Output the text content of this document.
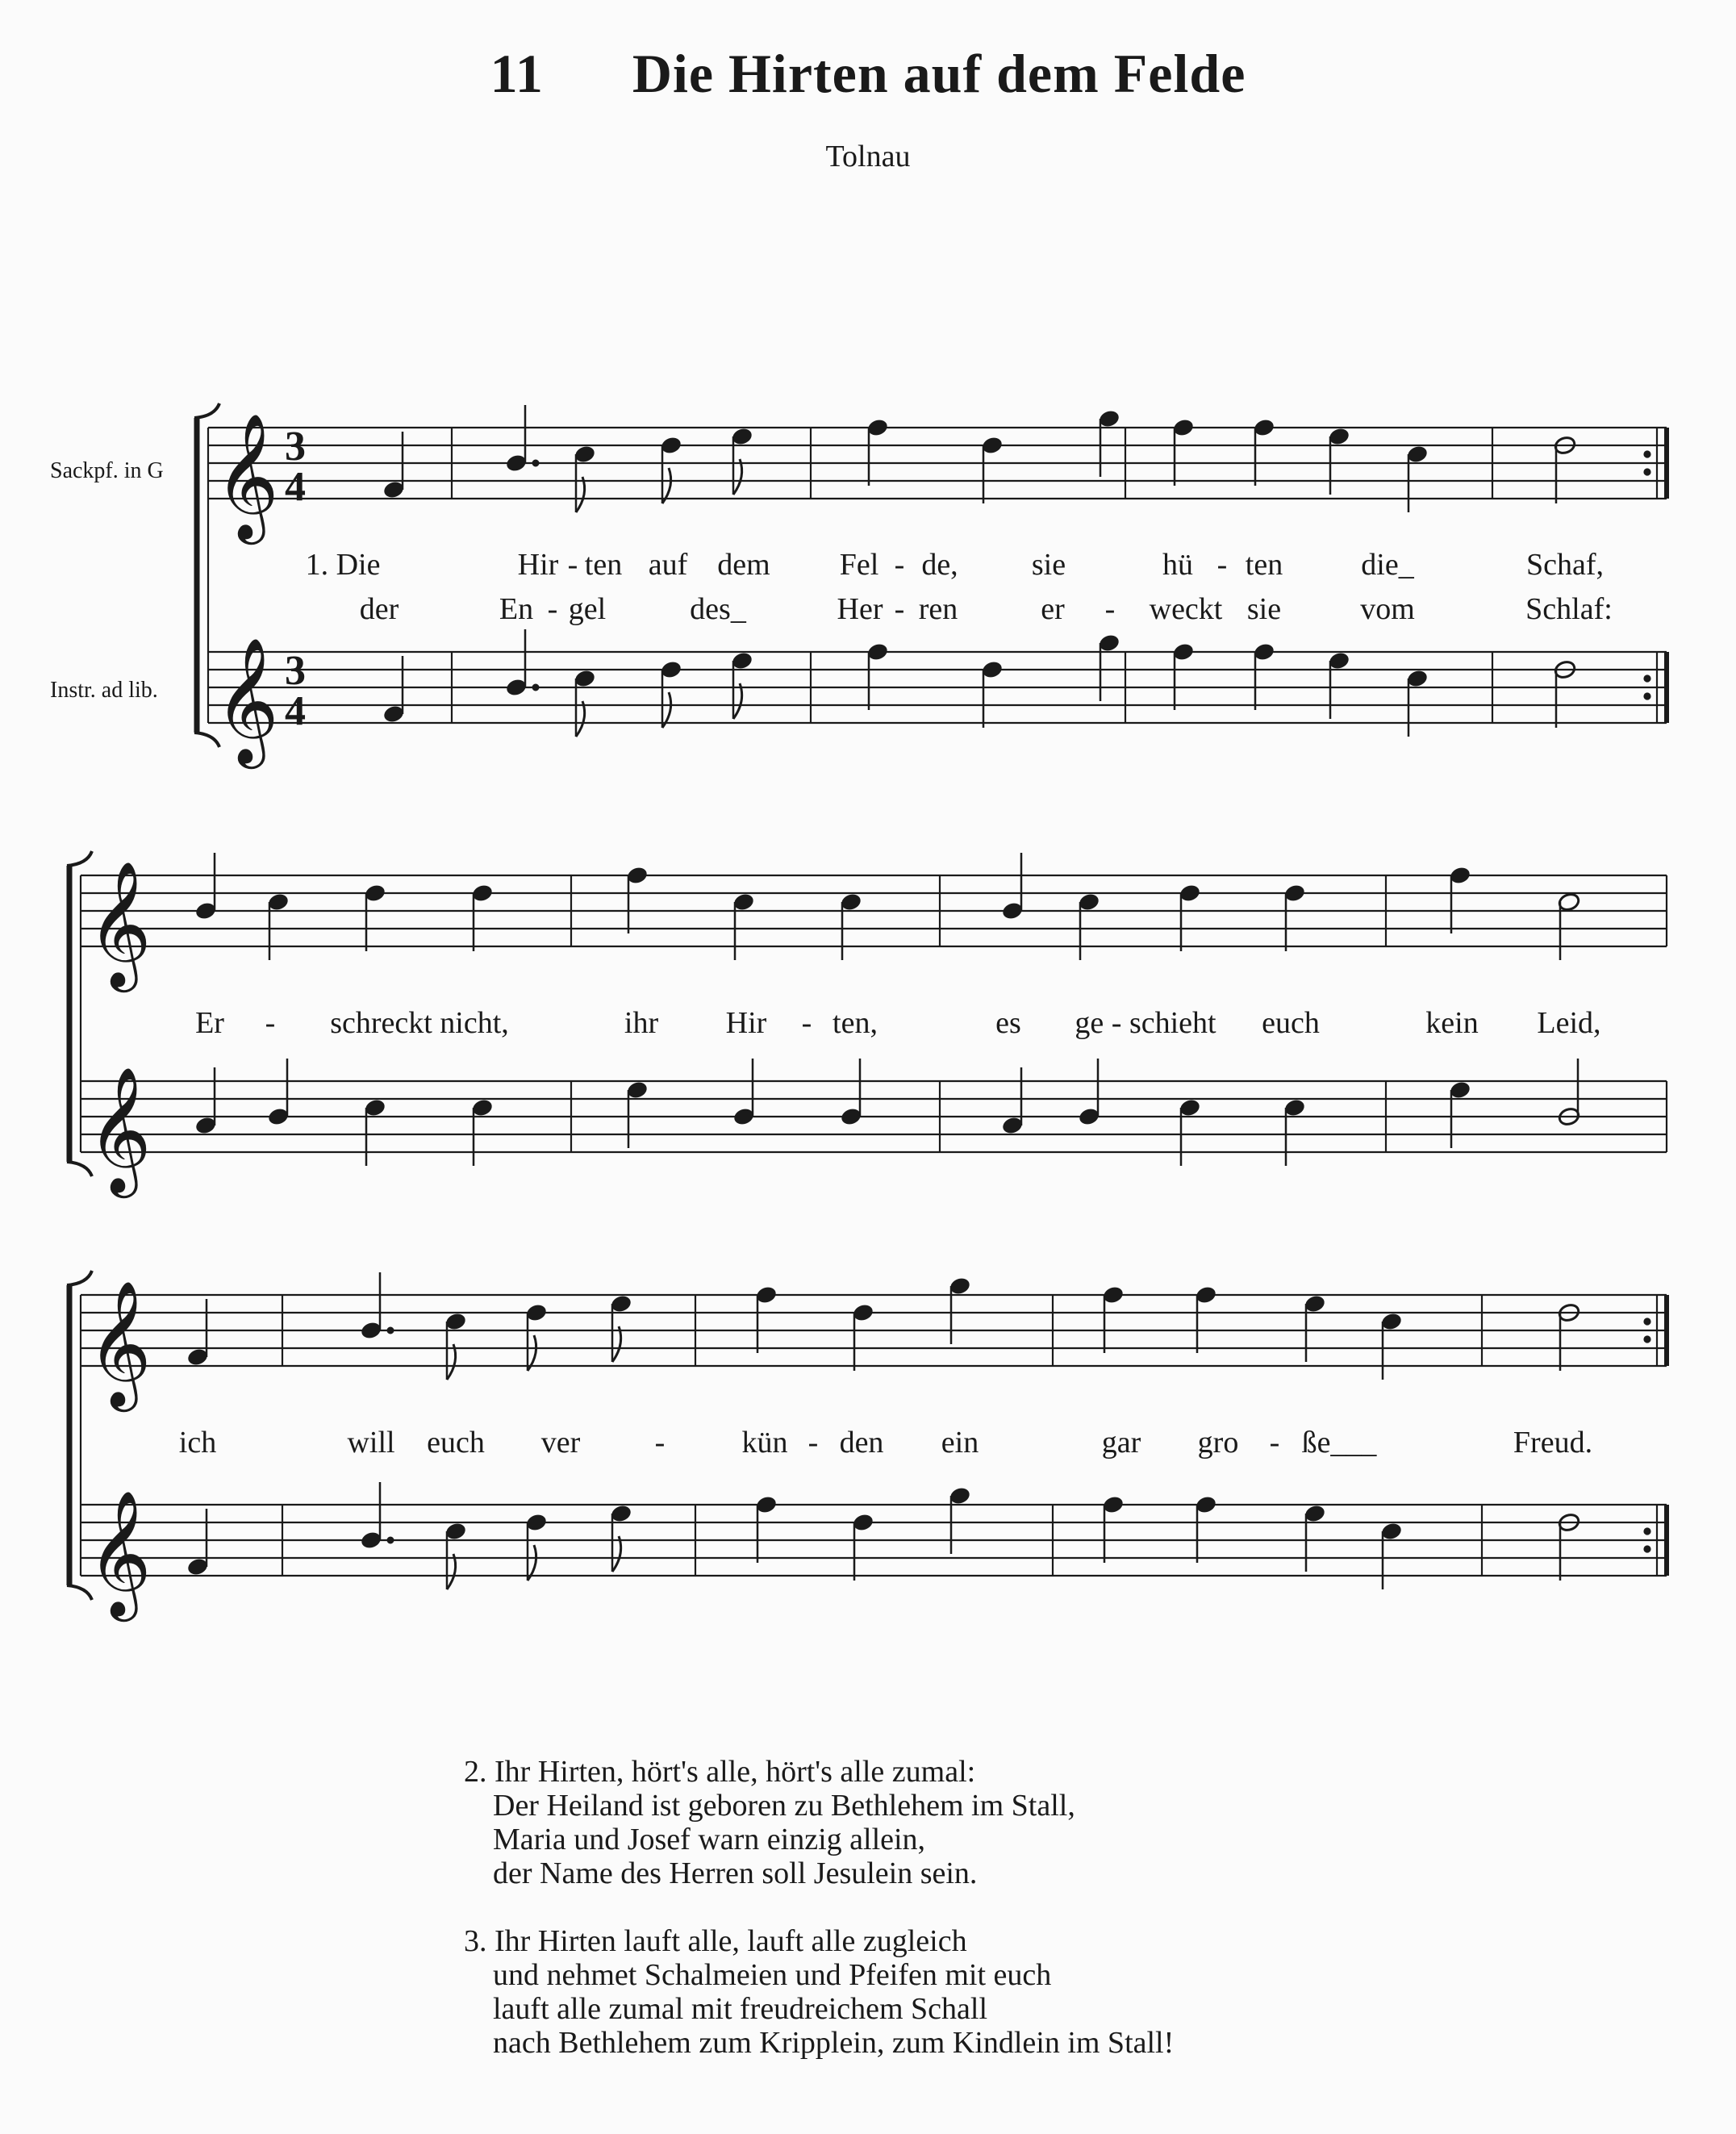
11 Die Hirten auf dem Felde
Tolnau
Sackpf. in G
Instr. ad lib.
𝄞 3
4
𝄞 3
4
𝄞
𝄞
𝄞
𝄞
1. Die	Hir - ten auf dem Fel - de, sie	hü - ten	die_	Schaf,
der	En - gel	des_	Her - ren	er - weckt sie	vom	Schlaf:
Er - schreckt nicht,	ihr Hir - ten,	es ge - schieht euch	kein Leid,
ich	will euch ver -	kün - den ein	gar gro - ße___	Freud.
2. Ihr Hirten, hört's alle, hört's alle zumal:
Der Heiland ist geboren zu Bethlehem im Stall,
Maria und Josef warn einzig allein,
der Name des Herren soll Jesulein sein.
3. Ihr Hirten lauft alle, lauft alle zugleich
und nehmet Schalmeien und Pfeifen mit euch
lauft alle zumal mit freudreichem Schall
nach Bethlehem zum Kripplein, zum Kindlein im Stall!
